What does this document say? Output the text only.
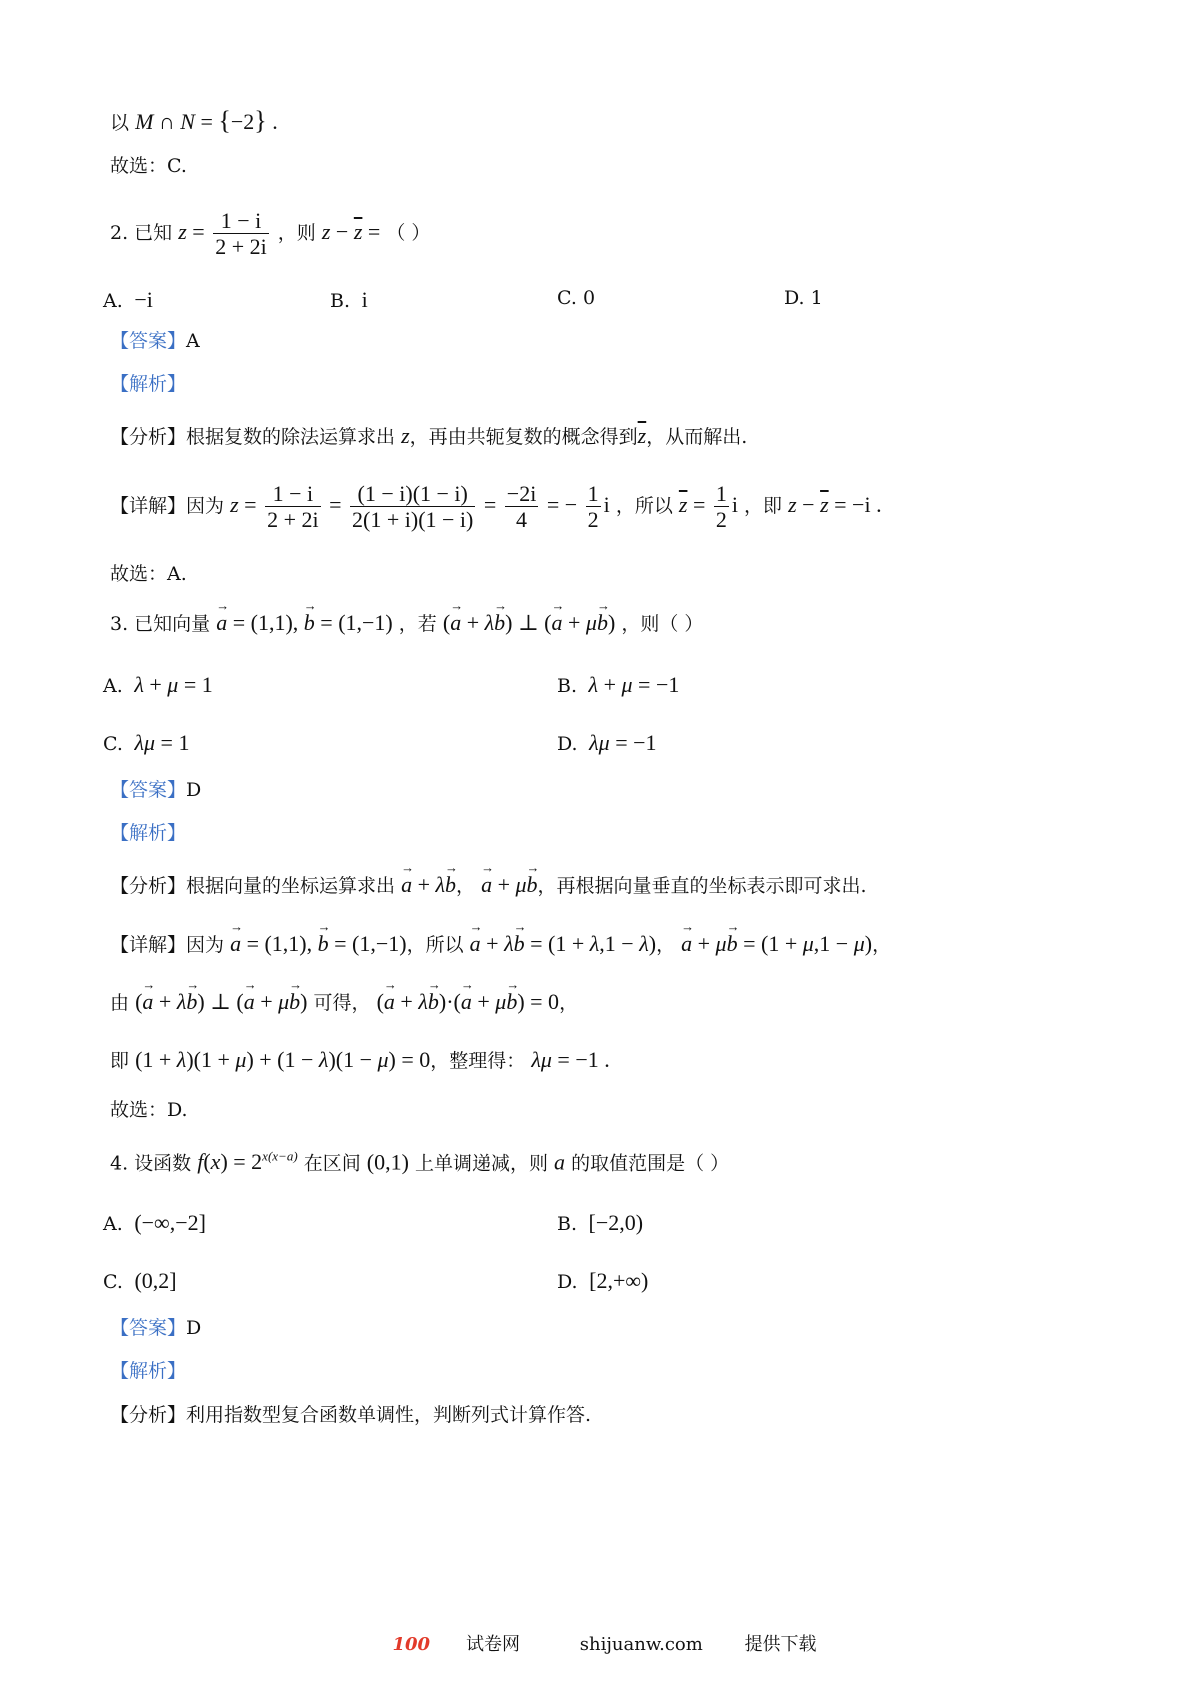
以 M ∩ N = {−2} .
故选：C.
2. 已知 $z = \frac{1 - i}{2 + 2i}$ ，则 $z - \overline{z}$ = （ ）
A.  −i	B.  i	C. 0	D. 1
【答案】A
【解析】
【分析】根据复数的除法运算求出 z，再由共轭复数的概念得到$\overline{z}$，从而解出.
【详解】因为 $z = \frac{1 - i}{2 + 2i} = \frac{(1 - i)(1 - i)}{2(1 + i)(1 - i)} = \frac{-2i}{4}$ = − $\frac{1}{2}$ i ，所以 $\overline{z} = \frac{1}{2}$ i ，即 $z - \overline{z} = -i$ .
故选：A.
3. 已知向量 → a = (1,1), → b = (1,−1) ，若 (→ a + λ→ b) ⊥ (→ a + μ→ b) ，则（ ）
A.  λ + μ = 1	B.  λ + μ = −1
C.  λμ = 1	D.  λμ = −1
【答案】D
【解析】
【分析】根据向量的坐标运算求出 → a + λ→ b， → a + μ→ b，再根据向量垂直的坐标表示即可求出.
【详解】因为 → a = (1,1), → b = (1,−1)，所以 → a + λ→ b = (1 + λ,1 − λ)， → a + μ→ b = (1 + μ,1 − μ)，
由 (→ a + λ→ b) ⊥ (→ a + μ→ b) 可得， (→ a + λ→ b)·(→ a + μ→ b) = 0，
即 (1 + λ)(1 + μ) + (1 − λ)(1 − μ) = 0，整理得： λμ = −1 .
故选：D.
4. 设函数 $f(x) = 2^{x(x-a)}$ 在区间 (0,1) 上单调递减，则 a 的取值范围是（ ）
A.  (−∞,−2]	B.  [−2,0)
C.  (0,2]	D.  [2,+∞)
【答案】D
【解析】
【分析】利用指数型复合函数单调性，判断列式计算作答.
100 试卷网	shijuanw.com 提供下载
